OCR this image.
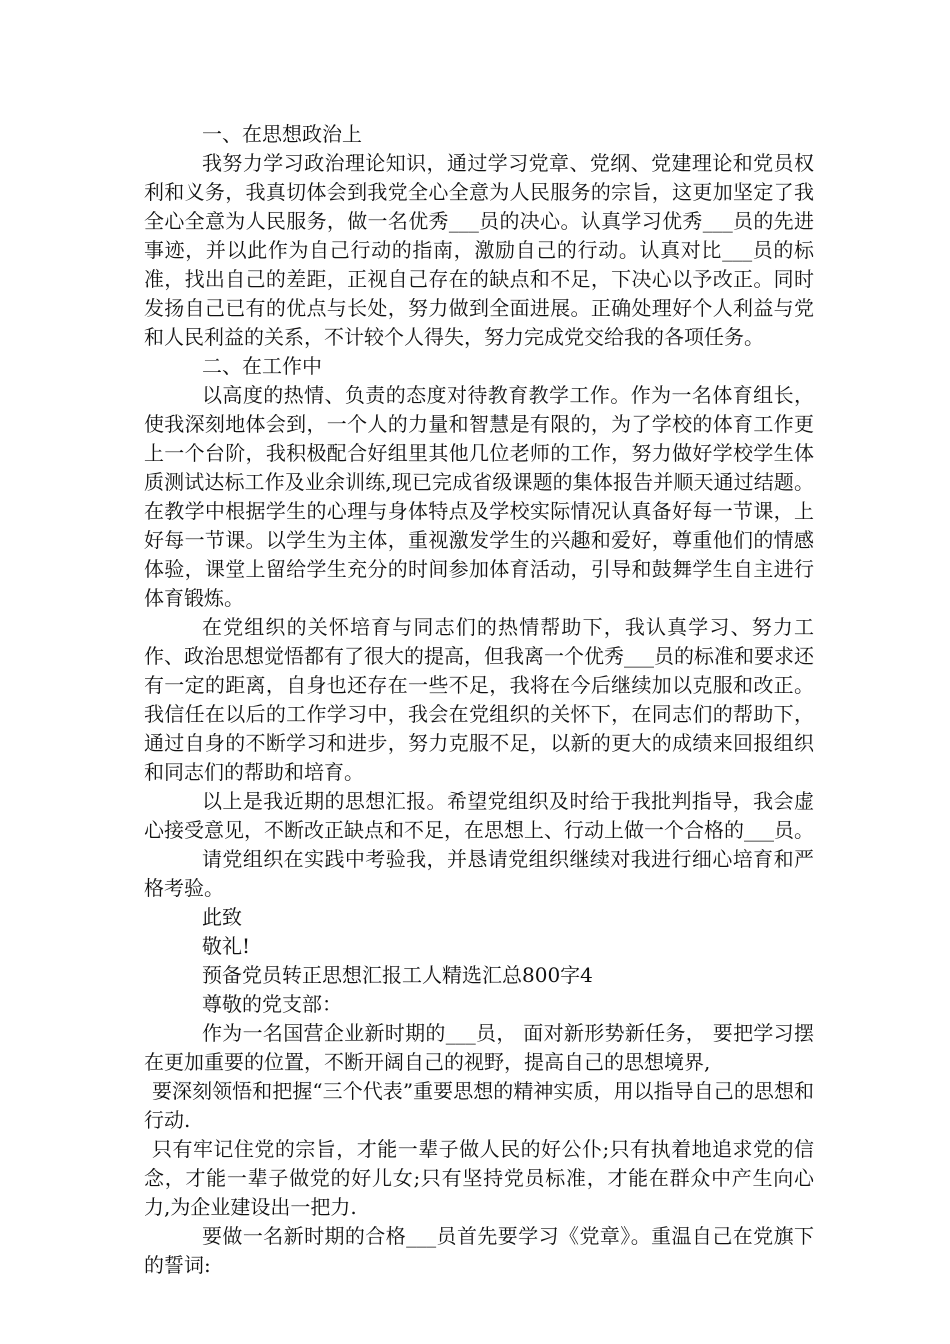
一、在思想政治上

我努力学习政治理论知识，通过学习党章、党纲、党建理论和党员权利和义务，我真切体会到我党全心全意为人民服务的宗旨，这更加坚定了我全心全意为人民服务，做一名优秀___员的决心。认真学习优秀___员的先进事迹，并以此作为自己行动的指南，激励自己的行动。认真对比___员的标准，找出自己的差距，正视自己存在的缺点和不足，下决心以予改正。同时发扬自己已有的优点与长处，努力做到全面进展。正确处理好个人利益与党和人民利益的关系，不计较个人得失，努力完成党交给我的各项任务。

二、在工作中

以高度的热情、负责的态度对待教育教学工作。作为一名体育组长，使我深刻地体会到，一个人的力量和智慧是有限的，为了学校的体育工作更上一个台阶，我积极配合好组里其他几位老师的工作，努力做好学校学生体质测试达标工作及业余训练,现已完成省级课题的集体报告并顺天通过结题。在教学中根据学生的心理与身体特点及学校实际情况认真备好每一节课，上好每一节课。以学生为主体，重视激发学生的兴趣和爱好，尊重他们的情感体验，课堂上留给学生充分的时间参加体育活动，引导和鼓舞学生自主进行体育锻炼。

在党组织的关怀培育与同志们的热情帮助下，我认真学习、努力工作、政治思想觉悟都有了很大的提高，但我离一个优秀___员的标准和要求还有一定的距离，自身也还存在一些不足，我将在今后继续加以克服和改正。我信任在以后的工作学习中，我会在党组织的关怀下，在同志们的帮助下，通过自身的不断学习和进步，努力克服不足，以新的更大的成绩来回报组织和同志们的帮助和培育。

以上是我近期的思想汇报。希望党组织及时给于我批判指导，我会虚心接受意见，不断改正缺点和不足，在思想上、行动上做一个合格的___员。

请党组织在实践中考验我，并恳请党组织继续对我进行细心培育和严格考验。

此致

敬礼!

预备党员转正思想汇报工人精选汇总800字4

尊敬的党支部：

作为一名国营企业新时期的___员， 面对新形势新任务， 要把学习摆在更加重要的位置，不断开阔自己的视野，提高自己的思想境界,

要深刻领悟和把握“三个代表”重要思想的精神实质，用以指导自己的思想和行动.

只有牢记住党的宗旨，才能一辈子做人民的好公仆;只有执着地追求党的信念，才能一辈子做党的好儿女;只有坚持党员标准，才能在群众中产生向心力,为企业建设出一把力.

要做一名新时期的合格___员首先要学习《党章》。重温自己在党旗下的誓词:
